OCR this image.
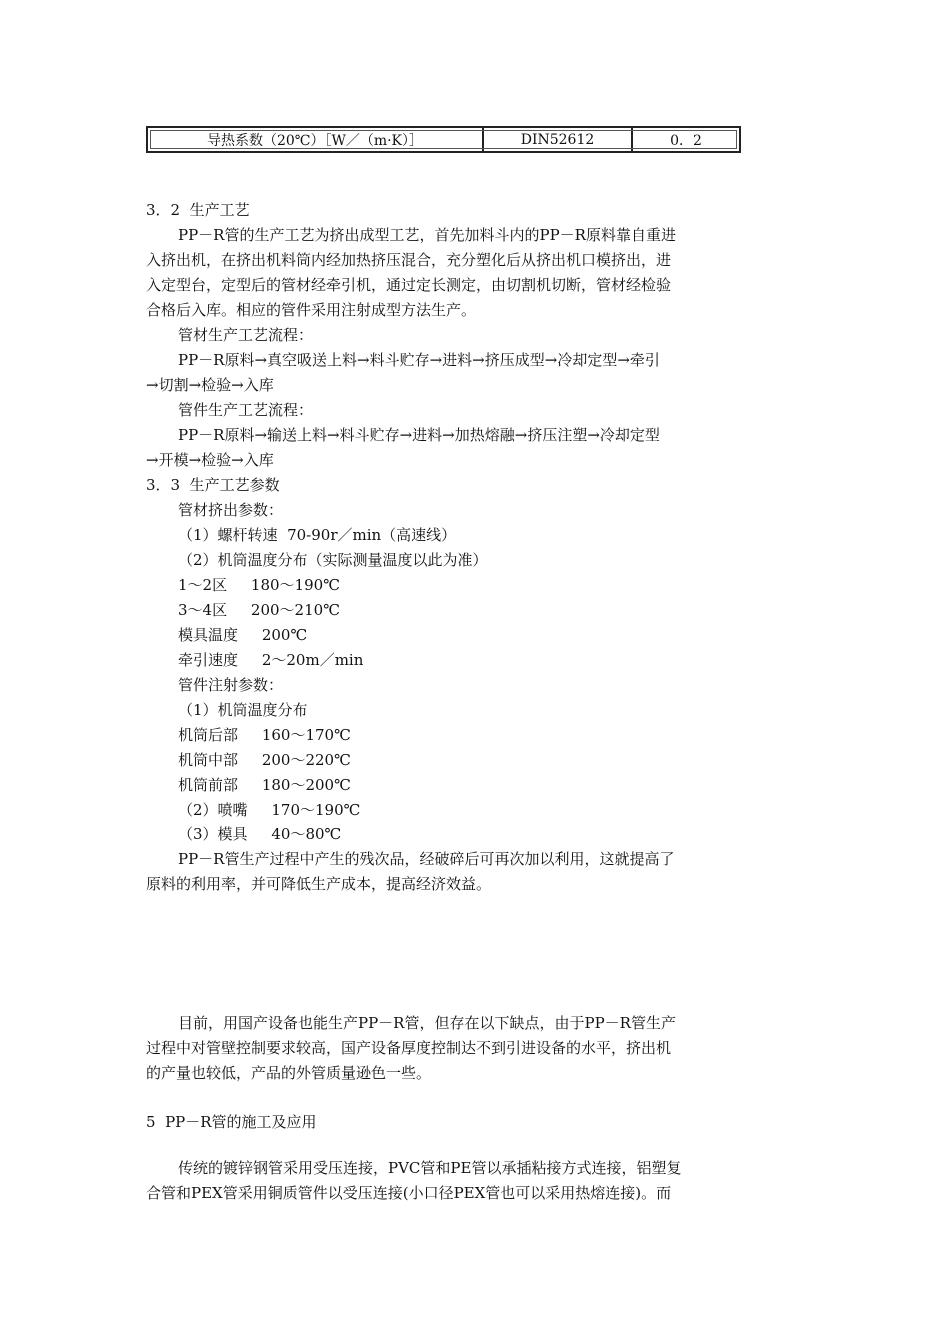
导热系数（20℃）［W／（m·K）］	DIN52612	0．2
3．2  生产工艺
PP－R管的生产工艺为挤出成型工艺，首先加料斗内的PP－R原料靠自重进
入挤出机，在挤出机料筒内经加热挤压混合，充分塑化后从挤出机口模挤出，进
入定型台，定型后的管材经牵引机，通过定长测定，由切割机切断，管材经检验
合格后入库。相应的管件采用注射成型方法生产。
管材生产工艺流程：
PP－R原料→真空吸送上料→料斗贮存→进料→挤压成型→冷却定型→牵引
→切割→检验→入库
管件生产工艺流程：
PP－R原料→输送上料→料斗贮存→进料→加热熔融→挤压注塑→冷却定型
→开模→检验→入库
3．3  生产工艺参数
管材挤出参数：
（1）螺杆转速  70-90r／min（高速线）
（2）机筒温度分布（实际测量温度以此为准）
1～2区     180～190℃
3～4区     200～210℃
模具温度     200℃
牵引速度     2～20m／min
管件注射参数：
（1）机筒温度分布
机筒后部     160～170℃
机筒中部     200～220℃
机筒前部     180～200℃
（2）喷嘴     170～190℃
（3）模具     40～80℃
PP－R管生产过程中产生的残次品，经破碎后可再次加以利用，这就提高了
原料的利用率，并可降低生产成本，提高经济效益。
目前，用国产设备也能生产PP－R管，但存在以下缺点，由于PP－R管生产
过程中对管壁控制要求较高，国产设备厚度控制达不到引进设备的水平，挤出机
的产量也较低，产品的外管质量逊色一些。
5  PP－R管的施工及应用
传统的镀锌钢管采用受压连接，PVC管和PE管以承插粘接方式连接，铝塑复
合管和PEX管采用铜质管件以受压连接(小口径PEX管也可以采用热熔连接)。而
